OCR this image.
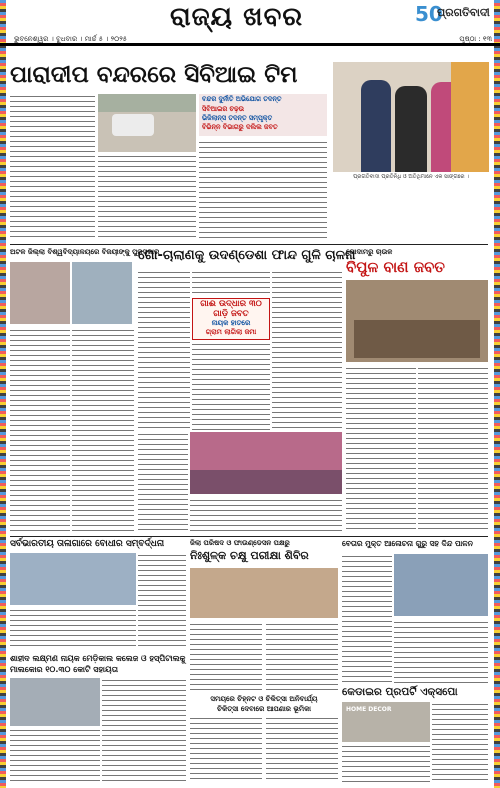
ରାଜ୍ୟ ଖବର	50
ପ୍ରଗତିବାଦୀ
ଭୁବନେଶ୍ୱର । ବୁଧବାର । ମାର୍ଚ୍ଚ ୫ । ୨୦୨୫	ପୃଷ୍ଠା : ୧୩
ପାରାଦୀପ ବନ୍ଦରରେ ସିବିଆଇ ଟିମ
ବନ୍ଦର ଦୁର୍ନୀତି ଅଭିଯୋଗ ତଦନ୍ତ
ସିବିଆଇର ଚଢ଼ଉ
ଭିଜିଲାନ୍ସ ତଦନ୍ତ ସମ୍ପୃକ୍ତ
ବିଭିନ୍ନ ବିଭାଗରୁ ଦଲିଲ ଜବତ
ପ୍ରଗତିବାଦୀ ପ୍ରତିନିଧି ଓ ଅତିଥିମାନେ ଏକ ସାଙ୍ଗରେ ।
ଅଟଳ ଜିଲ୍ଲା ବିଶ୍ୱବିଦ୍ୟାଳୟରେ ବିଜୟୀଙ୍କୁ ପୁରସ୍କାର
ଗୋ-ଚାଲାଣକୁ ଉଦଣ୍ଡେଶା ଫାନ୍ଦ ଗୁଳି ଚାଳନା
ଗାଈ ଉଦ୍ଧାର ୩୦
ଗାଡ଼ି ଜବତ
ନାୟକ ହାତରେ
ଗ୍ରାମ ଲାଗିଲା ଜମା
ଗୋଦାମରୁ ଚାଉଳ
ବିପୁଳ ବାଣ ଜବତ
ସର୍ବଭାରତୀୟ ତାଳାଗାରେ ବୋଧୀର ସମ୍ବର୍ଦ୍ଧନା
ଶାହୀଦ ଲକ୍ଷ୍ମଣ ନାୟକ ମେଡ଼ିକାଲ କଲେଜ ଓ ହସ୍ପିଟାଲକୁ ମାଲକୋର ୧୦.୩୦ କୋଟି ସହାୟତା
ଜିଲା ପରିଷଦ ଓ ଫାଉଣ୍ଡେସନ ପକ୍ଷରୁ
ନିଃଶୁଳ୍କ ଚକ୍ଷୁ ପରୀକ୍ଷା ଶିବିର
ସମୟରେ ଚିହ୍ନଟ ଓ ଚିକିତ୍ସା ଅନିବାର୍ଯ୍ୟ
ଚିକିତ୍ସା ଦେବାରେ ଆପଣାର ଭୂମିକା
ବେତାର ମୁକ୍ତ ଆଳୋଚନା ଗୁରୁ ସହ ଦିନ୍ଦ ପାଳନ
କେଡାଇର ପ୍ରପର୍ଟି ଏକ୍ସପୋ
HOME DECOR
